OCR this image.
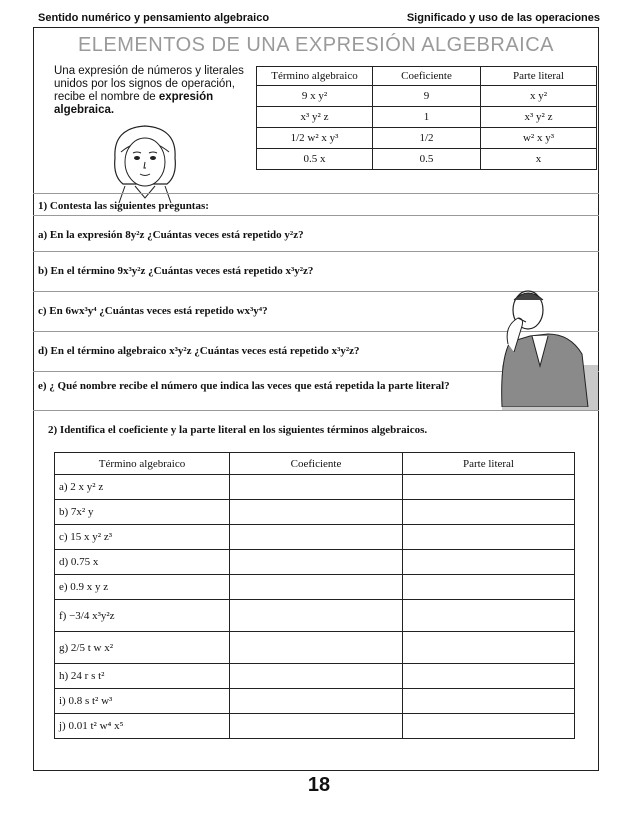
Sentido numérico y pensamiento algebraico	Significado y uso de las operaciones
ELEMENTOS DE UNA EXPRESIÓN ALGEBRAICA
Una expresión de números y literales unidos por los signos de operación, recibe el nombre de expresión algebraica.
Término algebraico	Coeficiente	Parte literal
9 x y²	9	x y²
x³ y² z	1	x³ y² z
1/2 w² x y³	1/2	w² x y³
0.5 x	0.5	x
1) Contesta las siguientes preguntas:
a) En la expresión 8y²z ¿Cuántas veces está repetido y²z?
b) En el término 9x³y²z ¿Cuántas veces está repetido x³y²z?
c) En 6wx³y⁴ ¿Cuántas veces está repetido wx³y⁴?
d) En el término algebraico x³y²z ¿Cuántas veces está repetido x³y²z?
e) ¿ Qué nombre recibe el número que indica las veces que está repetida la parte literal?
2) Identifica el coeficiente y la parte literal en los siguientes términos algebraicos.
Término algebraico	Coeficiente	Parte literal
a) 2 x y² z		
b) 7x² y		
c) 15 x y² z³		
d) 0.75 x		
e) 0.9 x y z		
f) −3/4 x³y²z		
g) 2/5 t w x²		
h) 24 r s t²		
i) 0.8 s t² w³		
j) 0.01 t² w⁴ x⁵		
18
